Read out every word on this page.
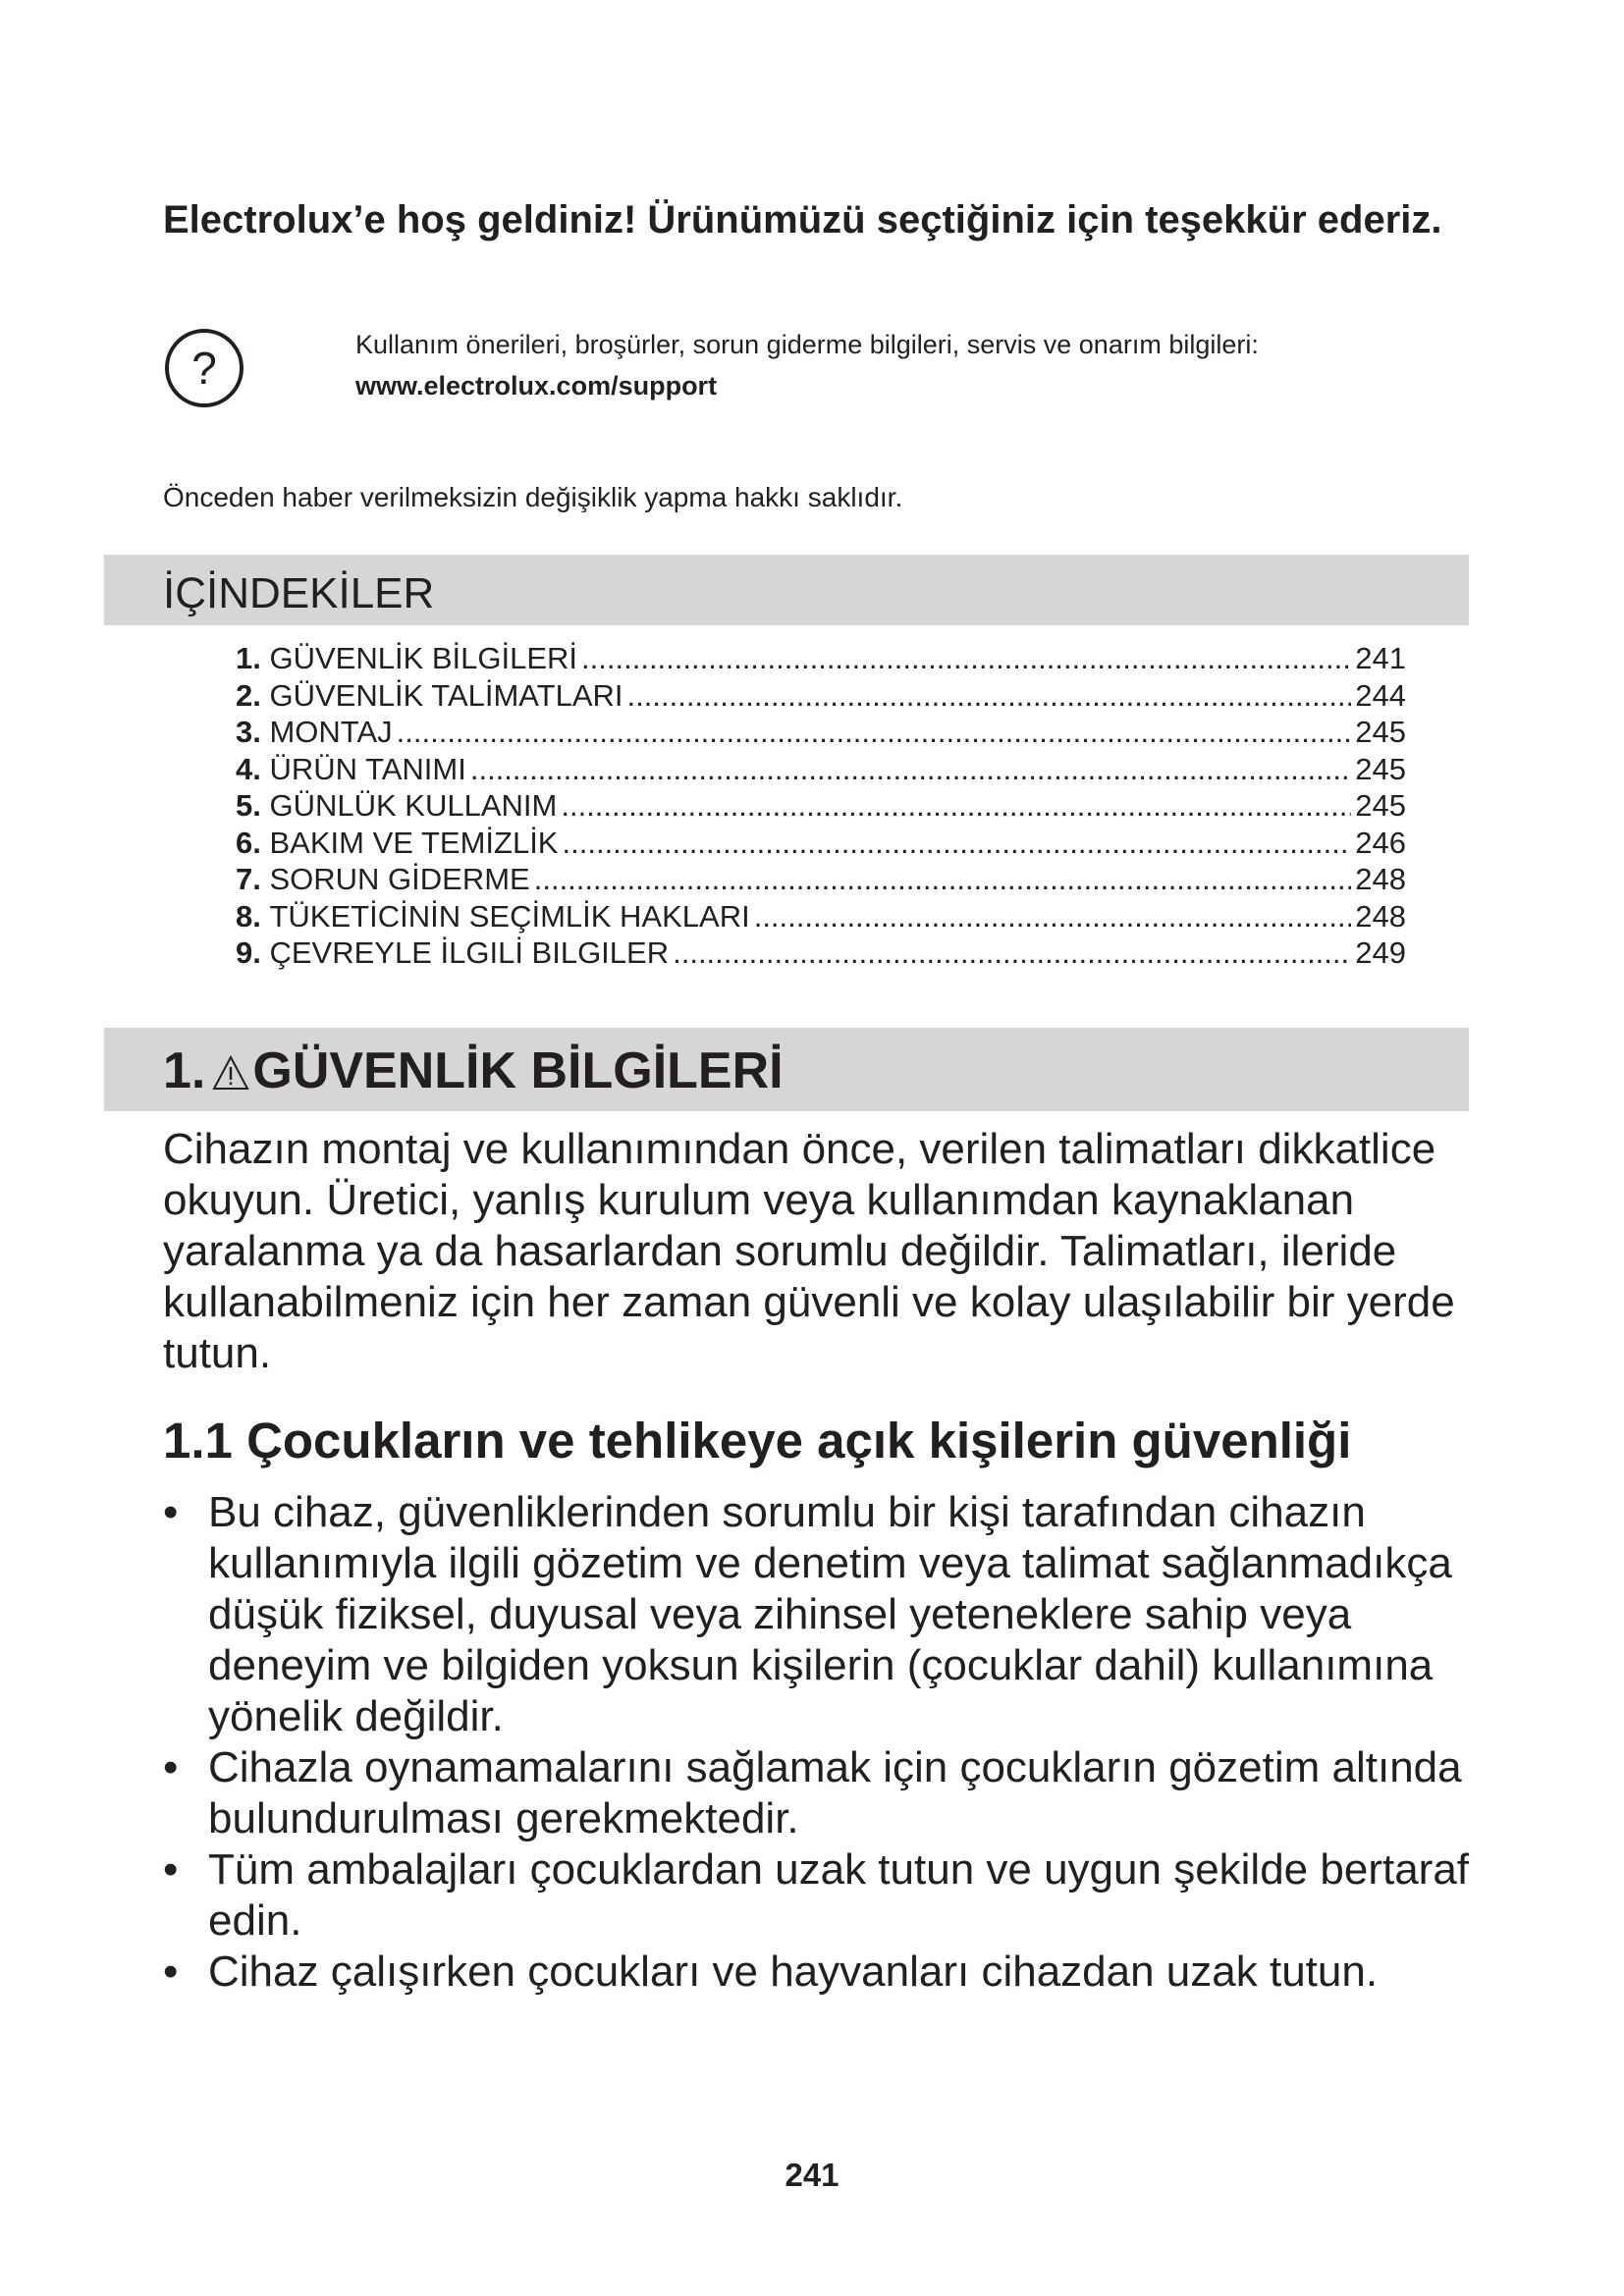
Electrolux’e hoş geldiniz! Ürünümüzü seçtiğiniz için teşekkür ederiz.
?	Kullanım önerileri, broşürler, sorun giderme bilgileri, servis ve onarım bilgileri:
www.electrolux.com/support
Önceden haber verilmeksizin değişiklik yapma hakkı saklıdır.
İÇİNDEKİLER
1.
GÜVENLİK BİLGİLERİ .....	241
2.
GÜVENLİK TALİMATLARI .....	244
3.
MONTAJ .....	245
4.
ÜRÜN TANIMI .....	245
5.
GÜNLÜK KULLANIM .....	245
6.
BAKIM VE TEMİZLİK .....	246
7.
SORUN GİDERME .....	248
8.
TÜKETİCİNİN SEÇİMLİK HAKLARI .....	248
9.
ÇEVREYLE İLGILİ BILGILER .....	249
1. GÜVENLİK BİLGİLERİ

Cihazın montaj ve kullanımından önce, verilen talimatları dikkatlice okuyun. Üretici, yanlış kurulum veya kullanımdan kaynaklanan yaralanma ya da hasarlardan sorumlu değildir. Talimatları, ileride kullanabilmeniz için her zaman güvenli ve kolay ulaşılabilir bir yerde tutun.

1.1 Çocukların ve tehlikeye açık kişilerin güvenliği
• Bu cihaz, güvenliklerinden sorumlu bir kişi tarafından cihazın kullanımıyla ilgili gözetim ve denetim veya talimat sağlanmadıkça düşük fiziksel, duyusal veya zihinsel yeteneklere sahip veya deneyim ve bilgiden yoksun kişilerin (çocuklar dahil) kullanımına yönelik değildir.
• Cihazla oynamamalarını sağlamak için çocukların gözetim altında bulundurulması gerekmektedir.
• Tüm ambalajları çocuklardan uzak tutun ve uygun şekilde bertaraf edin.
• Cihaz çalışırken çocukları ve hayvanları cihazdan uzak tutun.
241
